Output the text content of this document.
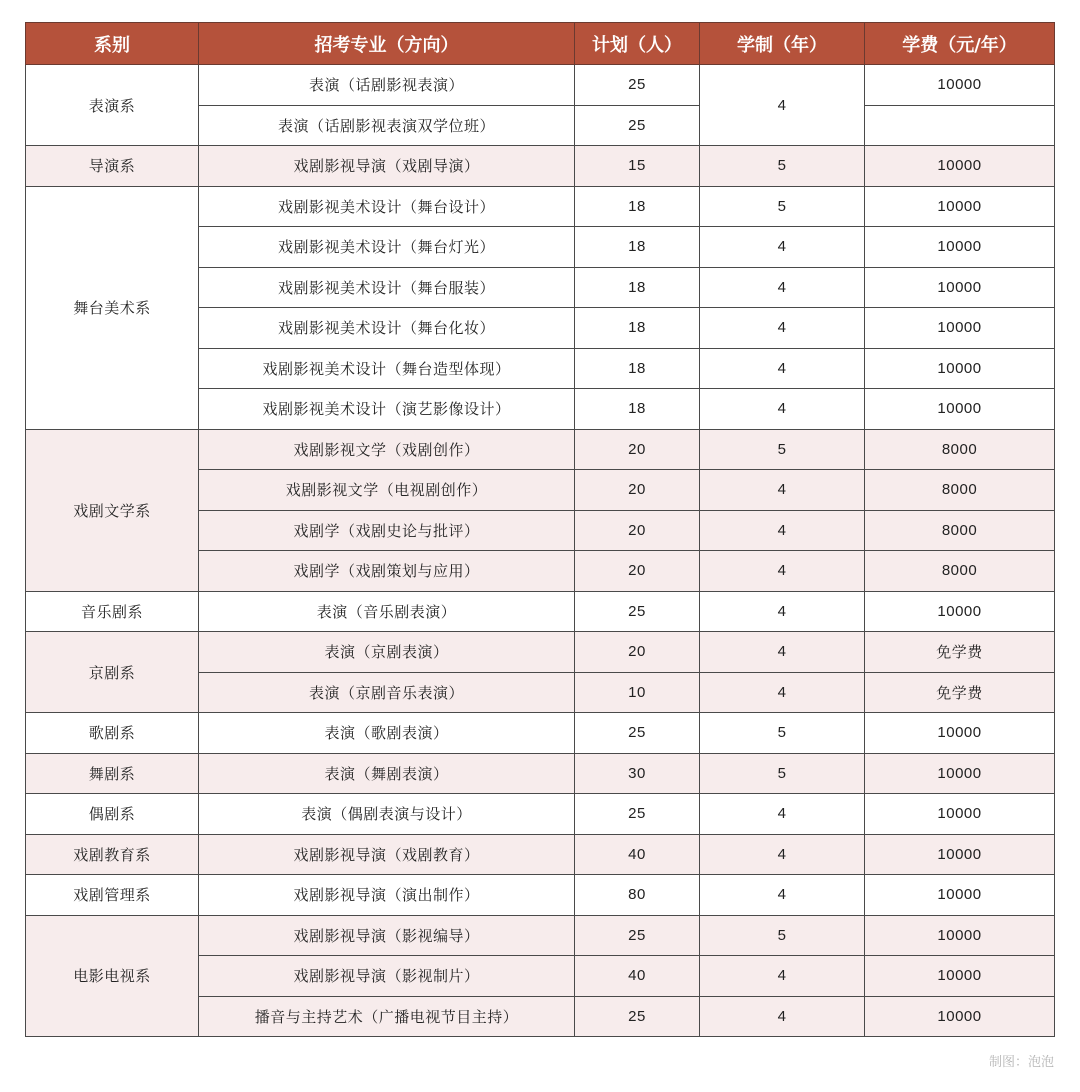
系别	招考专业（方向）	计划（人）	学制（年）	学费（元/年）
表演系	表演（话剧影视表演）	25	4	10000
	表演（话剧影视表演双学位班）	25		
导演系	戏剧影视导演（戏剧导演）	15	5	10000
舞台美术系	戏剧影视美术设计（舞台设计）	18	5	10000
	戏剧影视美术设计（舞台灯光）	18	4	10000
	戏剧影视美术设计（舞台服装）	18	4	10000
	戏剧影视美术设计（舞台化妆）	18	4	10000
	戏剧影视美术设计（舞台造型体现）	18	4	10000
	戏剧影视美术设计（演艺影像设计）	18	4	10000
戏剧文学系	戏剧影视文学（戏剧创作）	20	5	8000
	戏剧影视文学（电视剧创作）	20	4	8000
	戏剧学（戏剧史论与批评）	20	4	8000
	戏剧学（戏剧策划与应用）	20	4	8000
音乐剧系	表演（音乐剧表演）	25	4	10000
京剧系	表演（京剧表演）	20	4	免学费
	表演（京剧音乐表演）	10	4	免学费
歌剧系	表演（歌剧表演）	25	5	10000
舞剧系	表演（舞剧表演）	30	5	10000
偶剧系	表演（偶剧表演与设计）	25	4	10000
戏剧教育系	戏剧影视导演（戏剧教育）	40	4	10000
戏剧管理系	戏剧影视导演（演出制作）	80	4	10000
电影电视系	戏剧影视导演（影视编导）	25	5	10000
	戏剧影视导演（影视制片）	40	4	10000
	播音与主持艺术（广播电视节目主持）	25	4	10000
制图：泡泡
